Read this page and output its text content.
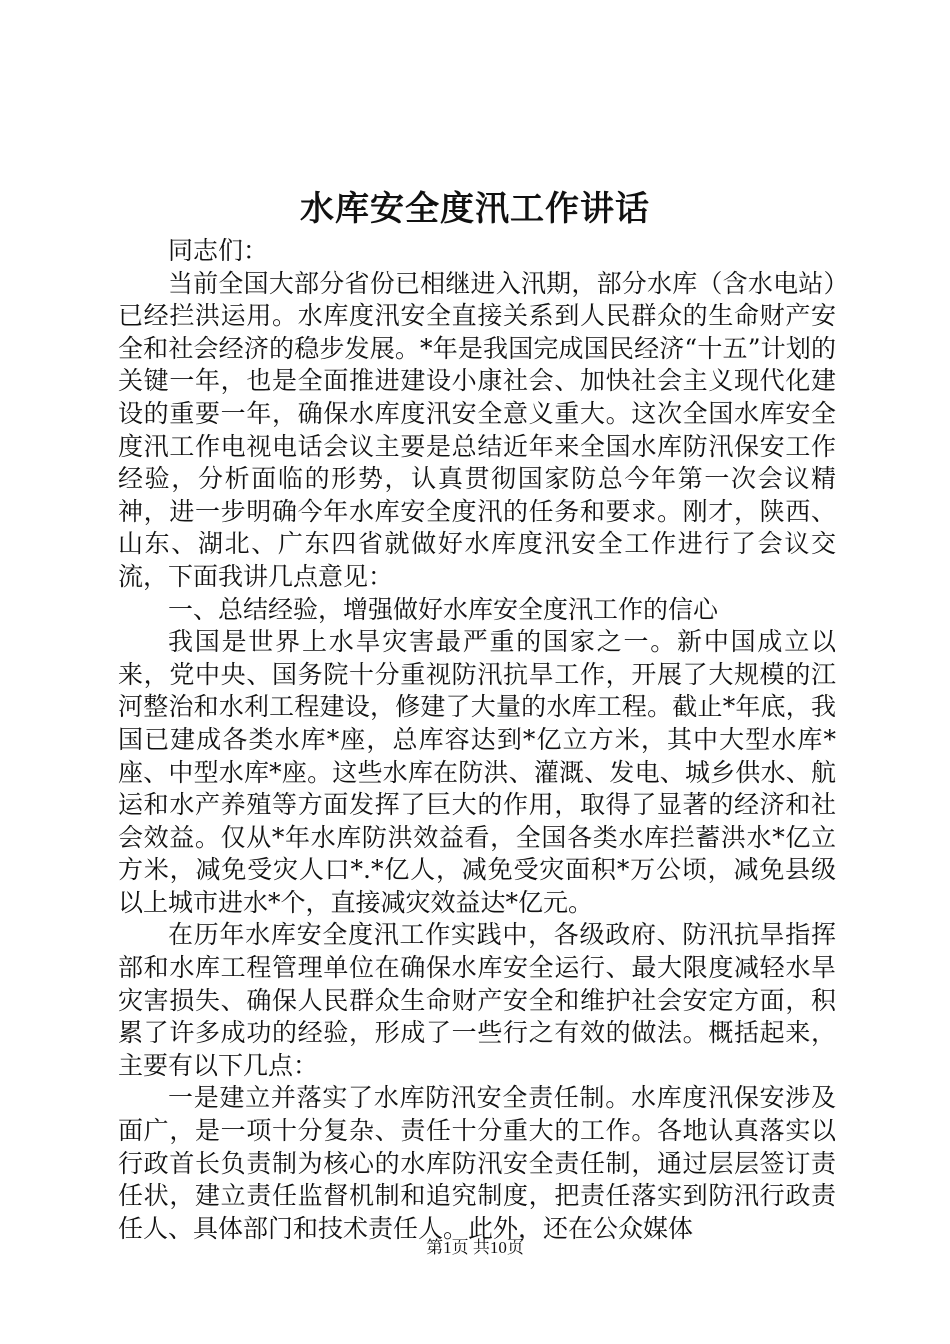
水库安全度汛工作讲话

同志们：

当前全国大部分省份已相继进入汛期，部分水库（含水电站）已经拦洪运用。水库度汛安全直接关系到人民群众的生命财产安全和社会经济的稳步发展。*年是我国完成国民经济“十五”计划的关键一年，也是全面推进建设小康社会、加快社会主义现代化建设的重要一年，确保水库度汛安全意义重大。这次全国水库安全度汛工作电视电话会议主要是总结近年来全国水库防汛保安工作经验，分析面临的形势，认真贯彻国家防总今年第一次会议精神，进一步明确今年水库安全度汛的任务和要求。刚才，陕西、山东、湖北、广东四省就做好水库度汛安全工作进行了会议交流，下面我讲几点意见：

一、总结经验，增强做好水库安全度汛工作的信心

我国是世界上水旱灾害最严重的国家之一。新中国成立以来，党中央、国务院十分重视防汛抗旱工作，开展了大规模的江河整治和水利工程建设，修建了大量的水库工程。截止*年底，我国已建成各类水库*座，总库容达到*亿立方米，其中大型水库*座、中型水库*座。这些水库在防洪、灌溉、发电、城乡供水、航运和水产养殖等方面发挥了巨大的作用，取得了显著的经济和社会效益。仅从*年水库防洪效益看，全国各类水库拦蓄洪水*亿立方米，减免受灾人口*.*亿人，减免受灾面积*万公顷，减免县级以上城市进水*个，直接减灾效益达*亿元。

在历年水库安全度汛工作实践中，各级政府、防汛抗旱指挥部和水库工程管理单位在确保水库安全运行、最大限度减轻水旱灾害损失、确保人民群众生命财产安全和维护社会安定方面，积累了许多成功的经验，形成了一些行之有效的做法。概括起来，主要有以下几点：

一是建立并落实了水库防汛安全责任制。水库度汛保安涉及面广，是一项十分复杂、责任十分重大的工作。各地认真落实以行政首长负责制为核心的水库防汛安全责任制，通过层层签订责任状，建立责任监督机制和追究制度，把责任落实到防汛行政责任人、具体部门和技术责任人。此外，还在公众媒体

第1页 共10页
